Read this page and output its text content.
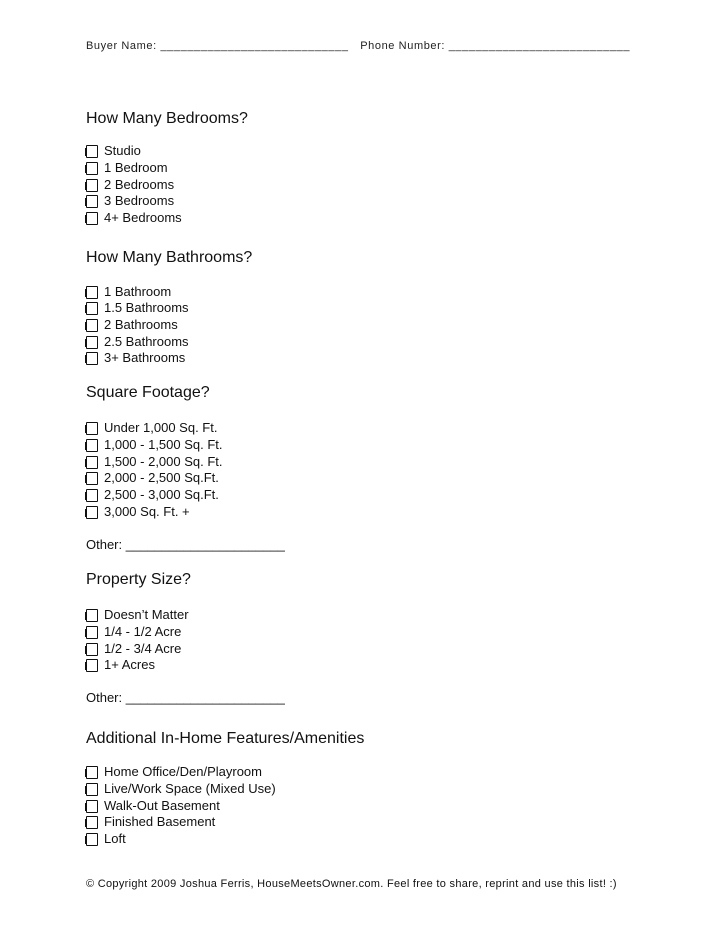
Buyer Name: ____________________________ Phone Number: ___________________________
How Many Bedrooms?
Studio
1 Bedroom
2 Bedrooms
3 Bedrooms
4+ Bedrooms
How Many Bathrooms?
1 Bathroom
1.5 Bathrooms
2 Bathrooms
2.5 Bathrooms
3+ Bathrooms
Square Footage?
Under 1,000 Sq. Ft.
1,000 - 1,500 Sq. Ft.
1,500 - 2,000 Sq. Ft.
2,000 - 2,500 Sq.Ft.
2,500 - 3,000 Sq.Ft.
3,000 Sq. Ft. +
Other: ______________________
Property Size?
Doesn’t Matter
1/4 - 1/2 Acre
1/2 - 3/4 Acre
1+ Acres
Other: ______________________
Additional In-Home Features/Amenities
Home Office/Den/Playroom
Live/Work Space (Mixed Use)
Walk-Out Basement
Finished Basement
Loft
© Copyright 2009 Joshua Ferris, HouseMeetsOwner.com. Feel free to share, reprint and use this list! :)
